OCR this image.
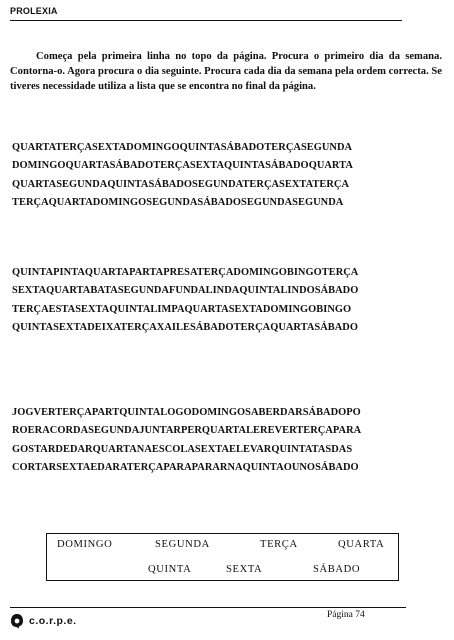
PROLEXIA

Começa pela primeira linha no topo da página. Procura o primeiro dia da semana. Contorna-o. Agora procura o dia seguinte. Procura cada dia da semana pela ordem correcta. Se tiveres necessidade utiliza a lista que se encontra no final da página.

QUARTATERÇASEXTADOMINGOQUINTASÁBADOTERÇASEGUNDA
DOMINGOQUARTASÁBADOTERÇASEXTAQUINTASÁBADOQUARTA
QUARTASEGUNDAQUINTASÁBADOSEGUNDATERÇASEXTATERÇA
TERÇAQUARTADOMINGOSEGUNDASÁBADOSEGUNDASEGUNDA
QUINTAPINTAQUARTAPARTAPRESATERÇADOMINGOBINGOTERÇA
SEXTAQUARTABATASEGUNDAFUNDALINDAQUINTALINDOSÁBADO
TERÇAESTASEXTAQUINTALIMPAQUARTASEXTADOMINGOBINGO
QUINTASEXTADEIXATERÇAXAILESÁBADOTERÇAQUARTASÁBADO
JOGVERTERÇAPARTQUINTALOGODOMINGOSABERDARSÁBADOPO
ROERACORDASEGUNDAJUNTARPERQUARTALEREVERTERÇAPARA
GOSTARDEDARQUARTANAESCOLASEXTAELEVARQUINTATASDAS
CORTARSEXTAEDARATERÇAPARAPARARNAQUINTAOUNOSÁBADO
DOMINGO	SEGUNDA	TERÇA	QUARTA
QUINTA	SEXTA	SÁBADO
Página 74
c.o.r.p.e.
